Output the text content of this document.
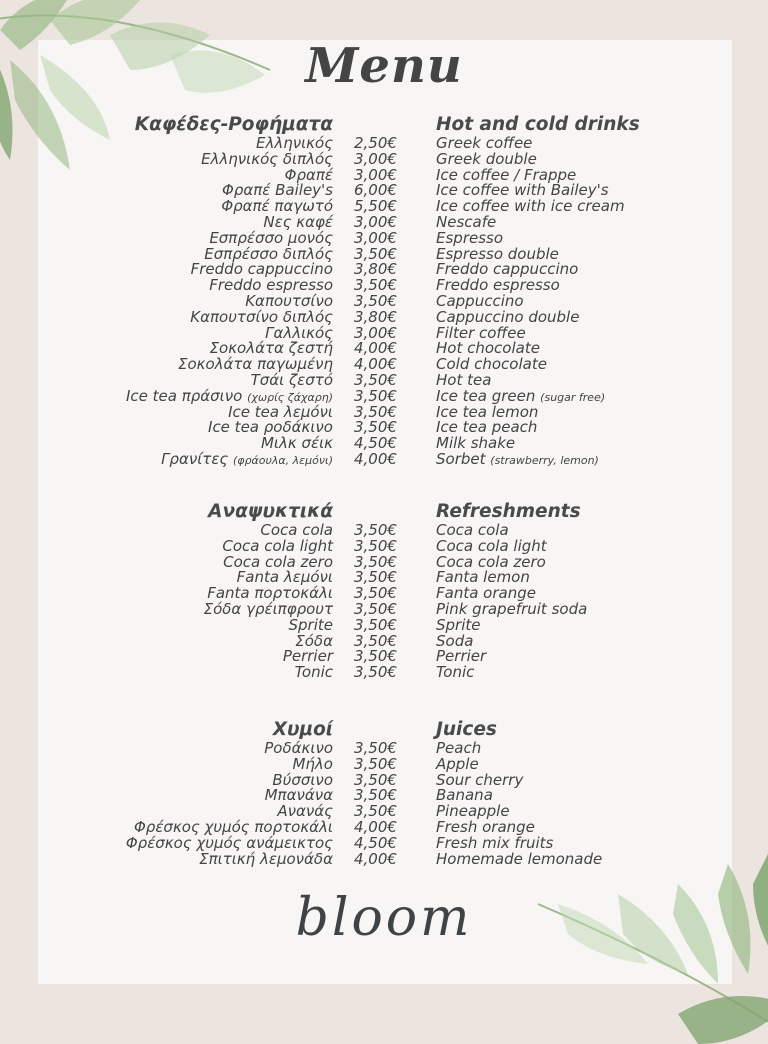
Menu
Καφέδες-Ροφήματα	Hot and cold drinks
Ελληνικός 2,50€	Greek coffee
Ελληνικός διπλός 3,00€	Greek double
Φραπέ 3,00€	Ice coffee / Frappe
Φραπέ Bailey's 6,00€	Ice coffee with Bailey's
Φραπέ παγωτό 5,50€	Ice coffee with ice cream
Νες καφέ 3,00€	Nescafe
Εσπρέσσο μονός 3,00€	Espresso
Εσπρέσσο διπλός 3,50€	Espresso double
Freddo cappuccino 3,80€	Freddo cappuccino
Freddo espresso 3,50€	Freddo espresso
Καπουτσίνο 3,50€	Cappuccino
Καπουτσίνο διπλός 3,80€	Cappuccino double
Γαλλικός 3,00€	Filter coffee
Σοκολάτα ζεστή 4,00€	Hot chocolate
Σοκολάτα παγωμένη 4,00€	Cold chocolate
Τσάι ζεστό 3,50€	Hot tea
Ice tea πράσινο (χωρίς ζάχαρη) 3,50€	Ice tea green (sugar free)
Ice tea λεμόνι 3,50€	Ice tea lemon
Ice tea ροδάκινο 3,50€	Ice tea peach
Μιλκ σέικ 4,50€	Milk shake
Γρανίτες (φράουλα, λεμόνι) 4,00€	Sorbet (strawberry, lemon)
Αναψυκτικά	Refreshments
Coca cola 3,50€	Coca cola
Coca cola light 3,50€	Coca cola light
Coca cola zero 3,50€	Coca cola zero
Fanta λεμόνι 3,50€	Fanta lemon
Fanta πορτοκάλι 3,50€	Fanta orange
Σόδα γρέιπφρουτ 3,50€	Pink grapefruit soda
Sprite 3,50€	Sprite
Σόδα 3,50€	Soda
Perrier 3,50€	Perrier
Tonic 3,50€	Tonic
Χυμοί	Juices
Ροδάκινο 3,50€	Peach
Μήλο 3,50€	Apple
Βύσσινο 3,50€	Sour cherry
Μπανάνα 3,50€	Banana
Ανανάς 3,50€	Pineapple
Φρέσκος χυμός πορτοκάλι 4,00€	Fresh orange
Φρέσκος χυμός ανάμεικτος 4,50€	Fresh mix fruits
Σπιτική λεμονάδα 4,00€	Homemade lemonade
bloom
